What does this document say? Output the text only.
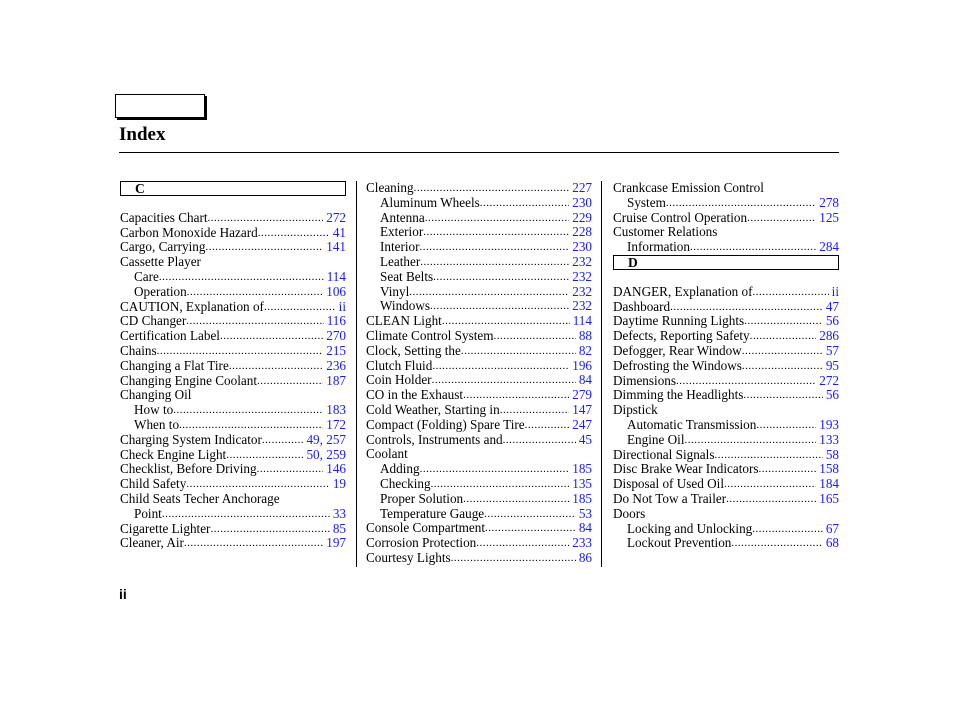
Index
C
Capacities Chart .....	272
Carbon Monoxide Hazard .....	41
Cargo, Carrying .....	141
Cassette Player
Care .....	114
Operation .....	106
CAUTION, Explanation of .....	ii
CD Changer .....	116
Certification Label .....	270
Chains .....	215
Changing a Flat Tire .....	236
Changing Engine Coolant .....	187
Changing Oil
How to .....	183
When to .....	172
Charging System Indicator .....	49, 257
Check Engine Light .....	50, 259
Checklist, Before Driving .....	146
Child Safety .....	19
Child Seats Techer Anchorage
Point .....	33
Cigarette Lighter .....	85
Cleaner, Air .....	197
Cleaning .....	227
Aluminum Wheels .....	230
Antenna .....	229
Exterior .....	228
Interior .....	230
Leather .....	232
Seat Belts .....	232
Vinyl .....	232
Windows .....	232
CLEAN Light .....	114
Climate Control System .....	88
Clock, Setting the .....	82
Clutch Fluid .....	196
Coin Holder .....	84
CO in the Exhaust .....	279
Cold Weather, Starting in .....	147
Compact (Folding) Spare Tire .....	247
Controls, Instruments and .....	45
Coolant
Adding .....	185
Checking .....	135
Proper Solution .....	185
Temperature Gauge .....	53
Console Compartment .....	84
Corrosion Protection .....	233
Courtesy Lights .....	86
Crankcase Emission Control
System .....	278
Cruise Control Operation .....	125
Customer Relations
Information .....	284
D
DANGER, Explanation of .....	ii
Dashboard .....	47
Daytime Running Lights .....	56
Defects, Reporting Safety .....	286
Defogger, Rear Window .....	57
Defrosting the Windows .....	95
Dimensions .....	272
Dimming the Headlights .....	56
Dipstick
Automatic Transmission .....	193
Engine Oil .....	133
Directional Signals .....	58
Disc Brake Wear Indicators .....	158
Disposal of Used Oil .....	184
Do Not Tow a Trailer .....	165
Doors
Locking and Unlocking .....	67
Lockout Prevention .....	68
ii
